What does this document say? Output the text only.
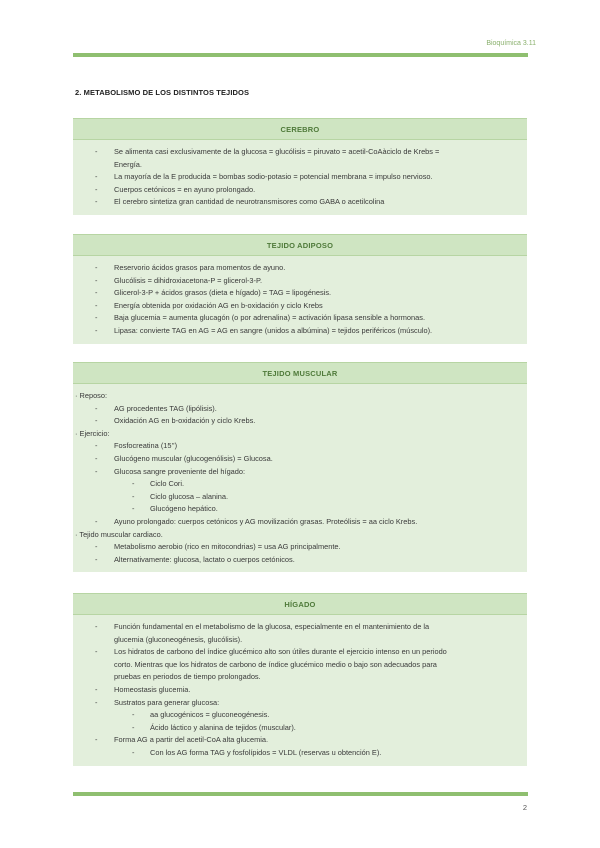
Bioquímica 3.11
2. METABOLISMO DE LOS DISTINTOS TEJIDOS
CEREBRO
- Se alimenta casi exclusivamente de la glucosa = glucólisis = piruvato = acetil-CoAàciclo de Krebs =
Energía.
- La mayoría de la E producida = bombas sodio-potasio = potencial membrana = impulso nervioso.
- Cuerpos cetónicos = en ayuno prolongado.
- El cerebro sintetiza gran cantidad de neurotransmisores como GABA o acetilcolina
TEJIDO ADIPOSO
- Reservorio ácidos grasos para momentos de ayuno.
- Glucólisis = dihidroxiacetona-P = glicerol-3-P.
- Glicerol-3-P + ácidos grasos (dieta e hígado) = TAG = lipogénesis.
- Energía obtenida por oxidación AG en b-oxidación y ciclo Krebs
- Baja glucemia = aumenta glucagón (o por adrenalina) = activación lipasa sensible a hormonas.
- Lipasa: convierte TAG en AG = AG en sangre (unidos a albúmina) = tejidos periféricos (músculo).
TEJIDO MUSCULAR
· Reposo:
- AG procedentes TAG (lipólisis).
- Oxidación AG en b-oxidación y ciclo Krebs.
· Ejercicio:
- Fosfocreatina (15’’)
- Glucógeno muscular (glucogenólisis) = Glucosa.
- Glucosa sangre proveniente del hígado:
- Ciclo Cori.
- Ciclo glucosa – alanina.
- Glucógeno hepático.
- Ayuno prolongado: cuerpos cetónicos y AG movilización grasas. Proteólisis = aa ciclo Krebs.
· Tejido muscular cardiaco.
- Metabolismo aerobio (rico en mitocondrias) = usa AG principalmente.
- Alternativamente: glucosa, lactato o cuerpos cetónicos.
HÍGADO
- Función fundamental en el metabolismo de la glucosa, especialmente en el mantenimiento de la
glucemia (gluconeogénesis, glucólisis).
- Los hidratos de carbono del índice glucémico alto son útiles durante el ejercicio intenso en un periodo
corto. Mientras que los hidratos de carbono de índice glucémico medio o bajo son adecuados para
pruebas en periodos de tiempo prolongados.
- Homeostasis glucemia.
- Sustratos para generar glucosa:
- aa glucogénicos = gluconeogénesis.
- Ácido láctico y alanina de tejidos (muscular).
- Forma AG a partir del acetil-CoA alta glucemia.
- Con los AG forma TAG y fosfolípidos = VLDL (reservas u obtención E).
2
